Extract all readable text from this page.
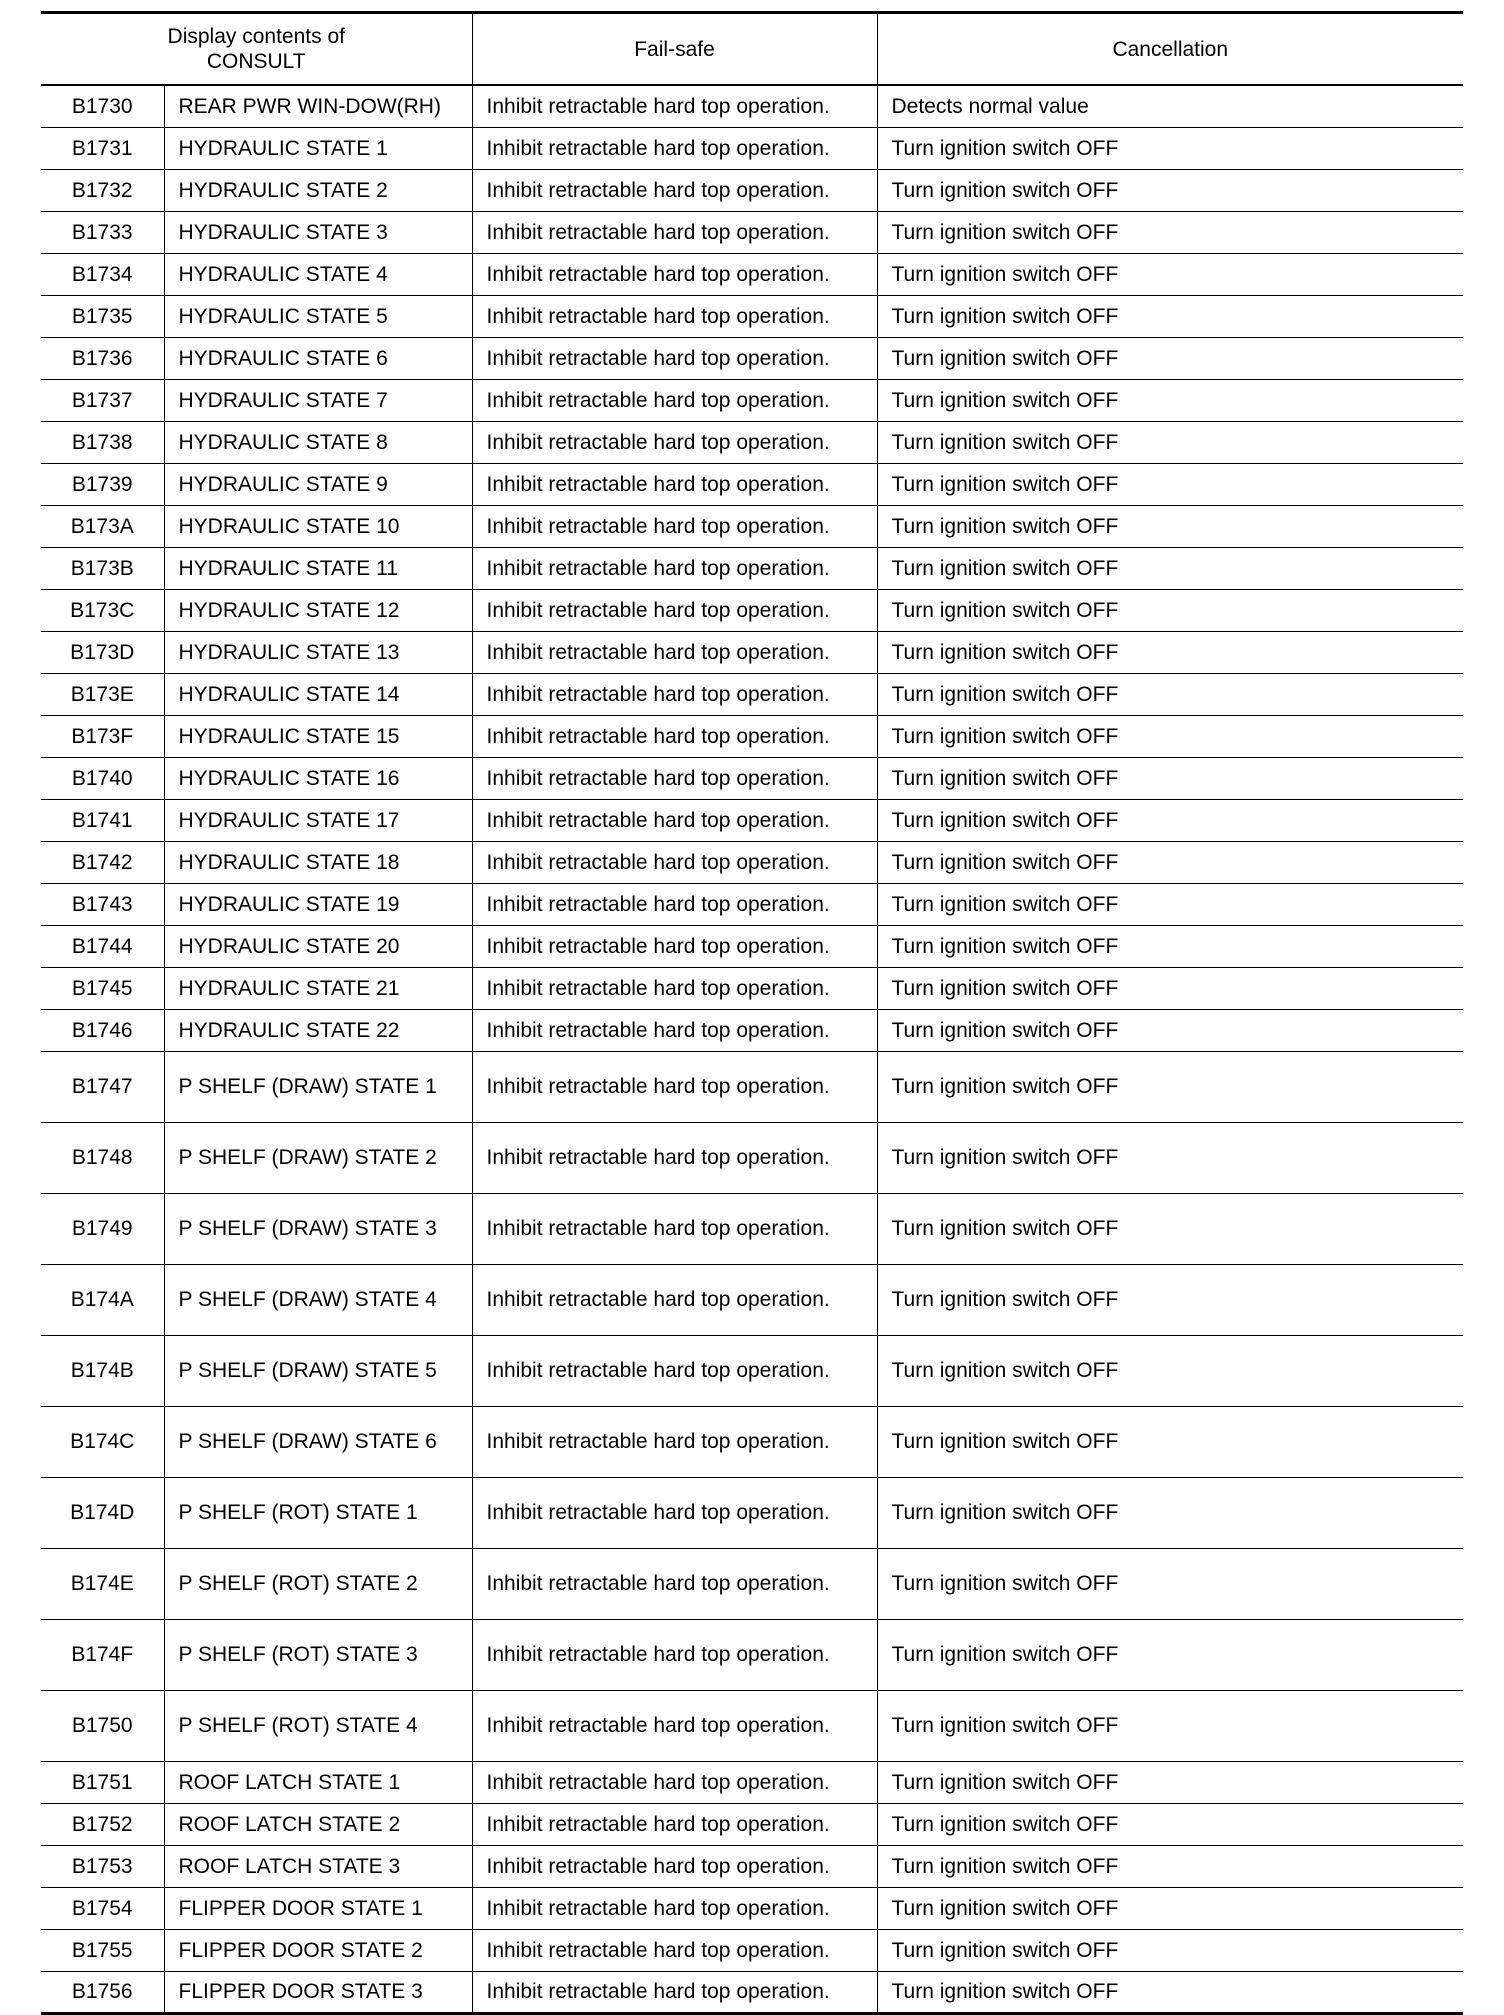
Display contents of
CONSULT		Fail-safe	Cancellation
B1730	REAR PWR WIN-DOW(RH)	Inhibit retractable hard top operation.	Detects normal value
B1731	HYDRAULIC STATE 1	Inhibit retractable hard top operation.	Turn ignition switch OFF
B1732	HYDRAULIC STATE 2	Inhibit retractable hard top operation.	Turn ignition switch OFF
B1733	HYDRAULIC STATE 3	Inhibit retractable hard top operation.	Turn ignition switch OFF
B1734	HYDRAULIC STATE 4	Inhibit retractable hard top operation.	Turn ignition switch OFF
B1735	HYDRAULIC STATE 5	Inhibit retractable hard top operation.	Turn ignition switch OFF
B1736	HYDRAULIC STATE 6	Inhibit retractable hard top operation.	Turn ignition switch OFF
B1737	HYDRAULIC STATE 7	Inhibit retractable hard top operation.	Turn ignition switch OFF
B1738	HYDRAULIC STATE 8	Inhibit retractable hard top operation.	Turn ignition switch OFF
B1739	HYDRAULIC STATE 9	Inhibit retractable hard top operation.	Turn ignition switch OFF
B173A	HYDRAULIC STATE 10	Inhibit retractable hard top operation.	Turn ignition switch OFF
B173B	HYDRAULIC STATE 11	Inhibit retractable hard top operation.	Turn ignition switch OFF
B173C	HYDRAULIC STATE 12	Inhibit retractable hard top operation.	Turn ignition switch OFF
B173D	HYDRAULIC STATE 13	Inhibit retractable hard top operation.	Turn ignition switch OFF
B173E	HYDRAULIC STATE 14	Inhibit retractable hard top operation.	Turn ignition switch OFF
B173F	HYDRAULIC STATE 15	Inhibit retractable hard top operation.	Turn ignition switch OFF
B1740	HYDRAULIC STATE 16	Inhibit retractable hard top operation.	Turn ignition switch OFF
B1741	HYDRAULIC STATE 17	Inhibit retractable hard top operation.	Turn ignition switch OFF
B1742	HYDRAULIC STATE 18	Inhibit retractable hard top operation.	Turn ignition switch OFF
B1743	HYDRAULIC STATE 19	Inhibit retractable hard top operation.	Turn ignition switch OFF
B1744	HYDRAULIC STATE 20	Inhibit retractable hard top operation.	Turn ignition switch OFF
B1745	HYDRAULIC STATE 21	Inhibit retractable hard top operation.	Turn ignition switch OFF
B1746	HYDRAULIC STATE 22	Inhibit retractable hard top operation.	Turn ignition switch OFF
B1747	P SHELF (DRAW) STATE 1	Inhibit retractable hard top operation.	Turn ignition switch OFF
B1748	P SHELF (DRAW) STATE 2	Inhibit retractable hard top operation.	Turn ignition switch OFF
B1749	P SHELF (DRAW) STATE 3	Inhibit retractable hard top operation.	Turn ignition switch OFF
B174A	P SHELF (DRAW) STATE 4	Inhibit retractable hard top operation.	Turn ignition switch OFF
B174B	P SHELF (DRAW) STATE 5	Inhibit retractable hard top operation.	Turn ignition switch OFF
B174C	P SHELF (DRAW) STATE 6	Inhibit retractable hard top operation.	Turn ignition switch OFF
B174D	P SHELF (ROT) STATE 1	Inhibit retractable hard top operation.	Turn ignition switch OFF
B174E	P SHELF (ROT) STATE 2	Inhibit retractable hard top operation.	Turn ignition switch OFF
B174F	P SHELF (ROT) STATE 3	Inhibit retractable hard top operation.	Turn ignition switch OFF
B1750	P SHELF (ROT) STATE 4	Inhibit retractable hard top operation.	Turn ignition switch OFF
B1751	ROOF LATCH STATE 1	Inhibit retractable hard top operation.	Turn ignition switch OFF
B1752	ROOF LATCH STATE 2	Inhibit retractable hard top operation.	Turn ignition switch OFF
B1753	ROOF LATCH STATE 3	Inhibit retractable hard top operation.	Turn ignition switch OFF
B1754	FLIPPER DOOR STATE 1	Inhibit retractable hard top operation.	Turn ignition switch OFF
B1755	FLIPPER DOOR STATE 2	Inhibit retractable hard top operation.	Turn ignition switch OFF
B1756	FLIPPER DOOR STATE 3	Inhibit retractable hard top operation.	Turn ignition switch OFF
